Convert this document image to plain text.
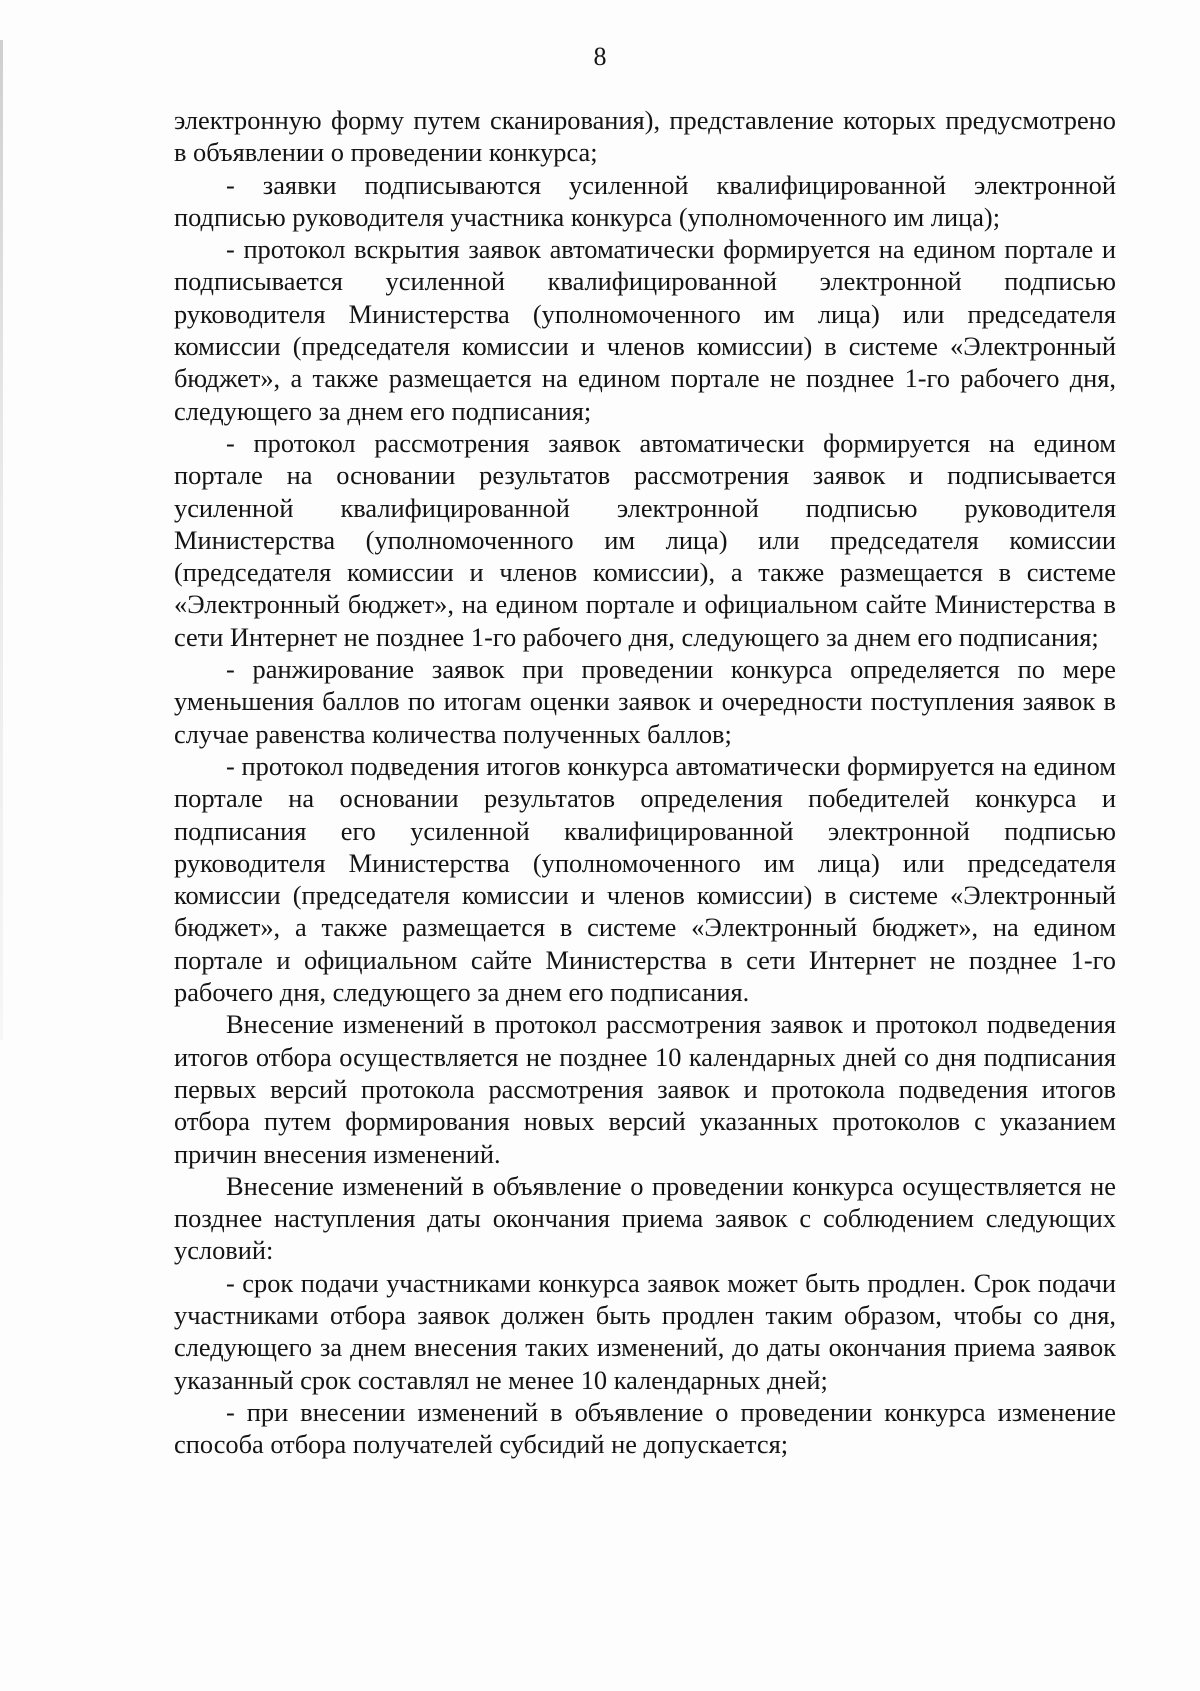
8

электронную форму путем сканирования), представление которых предусмотрено в объявлении о проведении конкурса;

- заявки подписываются усиленной квалифицированной электронной подписью руководителя участника конкурса (уполномоченного им лица);

- протокол вскрытия заявок автоматически формируется на едином портале и подписывается усиленной квалифицированной электронной подписью руководителя Министерства (уполномоченного им лица) или председателя комиссии (председателя комиссии и членов комиссии) в системе «Электронный бюджет», а также размещается на едином портале не позднее 1-го рабочего дня, следующего за днем его подписания;

- протокол рассмотрения заявок автоматически формируется на едином портале на основании результатов рассмотрения заявок и подписывается усиленной квалифицированной электронной подписью руководителя Министерства (уполномоченного им лица) или председателя комиссии (председателя комиссии и членов комиссии), а также размещается в системе «Электронный бюджет», на едином портале и официальном сайте Министерства в сети Интернет не позднее 1-го рабочего дня, следующего за днем его подписания;

- ранжирование заявок при проведении конкурса определяется по мере уменьшения баллов по итогам оценки заявок и очередности поступления заявок в случае равенства количества полученных баллов;

- протокол подведения итогов конкурса автоматически формируется на едином портале на основании результатов определения победителей конкурса и подписания его усиленной квалифицированной электронной подписью руководителя Министерства (уполномоченного им лица) или председателя комиссии (председателя комиссии и членов комиссии) в системе «Электронный бюджет», а также размещается в системе «Электронный бюджет», на едином портале и официальном сайте Министерства в сети Интернет не позднее 1-го рабочего дня, следующего за днем его подписания.

Внесение изменений в протокол рассмотрения заявок и протокол подведения итогов отбора осуществляется не позднее 10 календарных дней со дня подписания первых версий протокола рассмотрения заявок и протокола подведения итогов отбора путем формирования новых версий указанных протоколов с указанием причин внесения изменений.

Внесение изменений в объявление о проведении конкурса осуществляется не позднее наступления даты окончания приема заявок с соблюдением следующих условий:

- срок подачи участниками конкурса заявок может быть продлен. Срок подачи участниками отбора заявок должен быть продлен таким образом, чтобы со дня, следующего за днем внесения таких изменений, до даты окончания приема заявок указанный срок составлял не менее 10 календарных дней;

- при внесении изменений в объявление о проведении конкурса изменение способа отбора получателей субсидий не допускается;
